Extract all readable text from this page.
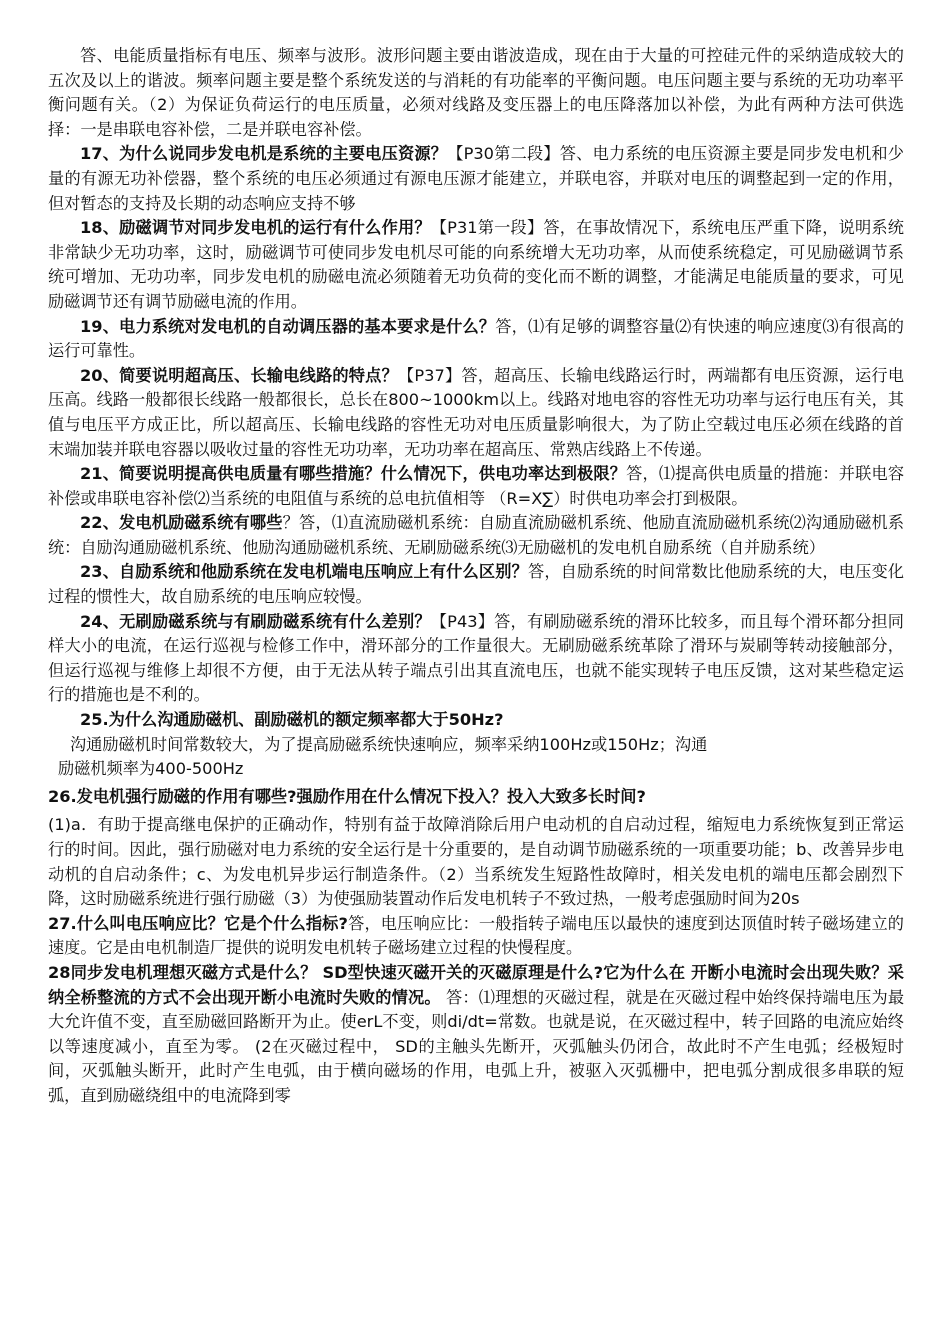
答、电能质量指标有电压、频率与波形。波形问题主要由谐波造成，现在由于大量的可控硅元件的采纳造成较大的五次及以上的谐波。频率问题主要是整个系统发送的与消耗的有功能率的平衡问题。电压问题主要与系统的无功功率平衡问题有关。（2）为保证负荷运行的电压质量，必须对线路及变压器上的电压降落加以补偿，为此有两种方法可供选择：一是串联电容补偿，二是并联电容补偿。

17、为什么说同步发电机是系统的主要电压资源？【P30第二段】答、电力系统的电压资源主要是同步发电机和少量的有源无功补偿器，整个系统的电压必须通过有源电压源才能建立，并联电容，并联对电压的调整起到一定的作用，但对暂态的支持及长期的动态响应支持不够

18、励磁调节对同步发电机的运行有什么作用？【P31第一段】答，在事故情况下，系统电压严重下降，说明系统非常缺少无功功率，这时，励磁调节可使同步发电机尽可能的向系统增大无功功率，从而使系统稳定，可见励磁调节系统可增加、无功功率，同步发电机的励磁电流必须随着无功负荷的变化而不断的调整，才能满足电能质量的要求，可见励磁调节还有调节励磁电流的作用。

19、电力系统对发电机的自动调压器的基本要求是什么？答，⑴有足够的调整容量⑵有快速的响应速度⑶有很高的运行可靠性。

20、简要说明超高压、长输电线路的特点？【P37】答，超高压、长输电线路运行时，两端都有电压资源，运行电压高。线路一般都很长线路一般都很长，总长在800~1000km以上。线路对地电容的容性无功功率与运行电压有关，其值与电压平方成正比，所以超高压、长输电线路的容性无功对电压质量影响很大，为了防止空载过电压必须在线路的首末端加装并联电容器以吸收过量的容性无功功率，无功功率在超高压、常熟店线路上不传递。

21、简要说明提高供电质量有哪些措施？什么情况下，供电功率达到极限？答，⑴提高供电质量的措施：并联电容补偿或串联电容补偿⑵当系统的电阻值与系统的总电抗值相等 （R=X∑）时供电功率会打到极限。

22、发电机励磁系统有哪些？答，⑴直流励磁机系统：自励直流励磁机系统、他励直流励磁机系统⑵沟通励磁机系统：自励沟通励磁机系统、他励沟通励磁机系统、无刷励磁系统⑶无励磁机的发电机自励系统（自并励系统）

23、自励系统和他励系统在发电机端电压响应上有什么区别？答，自励系统的时间常数比他励系统的大，电压变化过程的惯性大，故自励系统的电压响应较慢。

24、无刷励磁系统与有刷励磁系统有什么差别？【P43】答，有刷励磁系统的滑环比较多，而且每个滑环都分担同样大小的电流，在运行巡视与检修工作中，滑环部分的工作量很大。无刷励磁系统革除了滑环与炭刷等转动接触部分，但运行巡视与维修上却很不方便，由于无法从转子端点引出其直流电压，也就不能实现转子电压反馈，这对某些稳定运行的措施也是不利的。

25.为什么沟通励磁机、副励磁机的额定频率都大于50Hz?

沟通励磁机时间常数较大，为了提高励磁系统快速响应，频率采纳100Hz或150Hz；沟通

励磁机频率为400-500Hz

26.发电机强行励磁的作用有哪些?强励作用在什么情况下投入？投入大致多长时间?

(1)a．有助于提高继电保护的正确动作，特别有益于故障消除后用户电动机的自启动过程，缩短电力系统恢复到正常运行的时间。因此，强行励磁对电力系统的安全运行是十分重要的，是自动调节励磁系统的一项重要功能；b、改善异步电动机的自启动条件；c、为发电机异步运行制造条件。（2）当系统发生短路性故障时，相关发电机的端电压都会剧烈下降，这时励磁系统进行强行励磁（3）为使强励装置动作后发电机转子不致过热，一般考虑强励时间为20s

27.什么叫电压响应比？它是个什么指标?答，电压响应比：一般指转子端电压以最快的速度到达顶值时转子磁场建立的速度。它是由电机制造厂提供的说明发电机转子磁场建立过程的快慢程度。

28同步发电机理想灭磁方式是什么？ SD型快速灭磁开关的灭磁原理是什么?它为什么在 开断小电流时会出现失败？采纳全桥整流的方式不会出现开断小电流时失败的情况。 答：⑴理想的灭磁过程，就是在灭磁过程中始终保持端电压为最大允许值不变，直至励磁回路断开为止。使erL不变，则di/dt=常数。也就是说，在灭磁过程中，转子回路的电流应始终以等速度减小，直至为零。 (2在灭磁过程中， SD的主触头先断开，灭弧触头仍闭合，故此时不产生电弧；经极短时间，灭弧触头断开，此时产生电弧，由于横向磁场的作用，电弧上升，被驱入灭弧栅中，把电弧分割成很多串联的短弧，直到励磁绕组中的电流降到零
